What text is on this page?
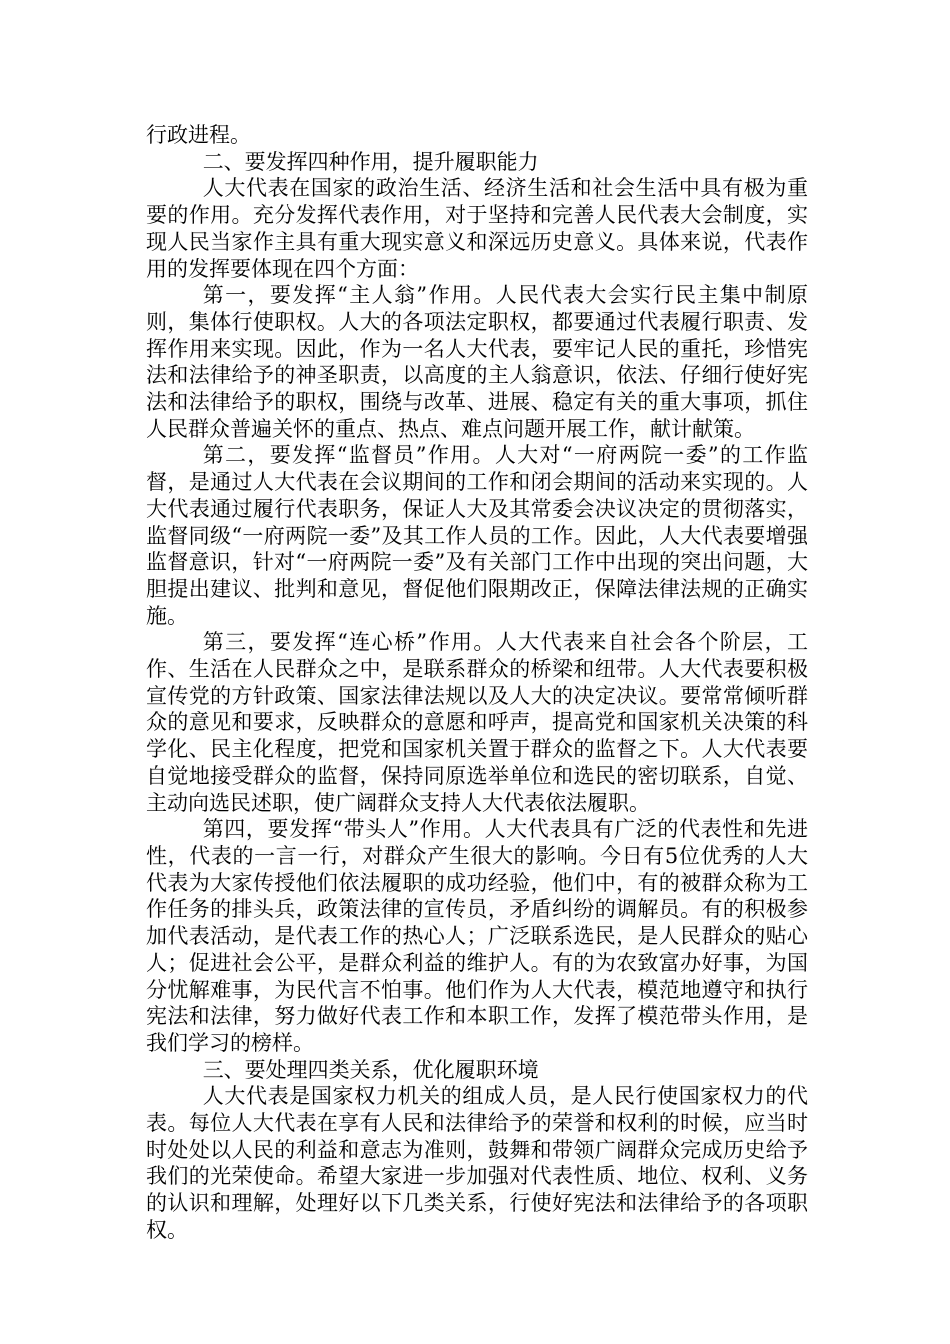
行政进程。

二、要发挥四种作用，提升履职能力

人大代表在国家的政治生活、经济生活和社会生活中具有极为重要的作用。充分发挥代表作用，对于坚持和完善人民代表大会制度，实现人民当家作主具有重大现实意义和深远历史意义。具体来说，代表作用的发挥要体现在四个方面：

第一，要发挥“主人翁”作用。人民代表大会实行民主集中制原则，集体行使职权。人大的各项法定职权，都要通过代表履行职责、发挥作用来实现。因此，作为一名人大代表，要牢记人民的重托，珍惜宪法和法律给予的神圣职责，以高度的主人翁意识，依法、仔细行使好宪法和法律给予的职权，围绕与改革、进展、稳定有关的重大事项，抓住人民群众普遍关怀的重点、热点、难点问题开展工作，献计献策。

第二，要发挥“监督员”作用。人大对“一府两院一委”的工作监督，是通过人大代表在会议期间的工作和闭会期间的活动来实现的。人大代表通过履行代表职务，保证人大及其常委会决议决定的贯彻落实，监督同级“一府两院一委”及其工作人员的工作。因此，人大代表要增强监督意识，针对“一府两院一委”及有关部门工作中出现的突出问题，大胆提出建议、批判和意见，督促他们限期改正，保障法律法规的正确实施。

第三，要发挥“连心桥”作用。人大代表来自社会各个阶层，工作、生活在人民群众之中，是联系群众的桥梁和纽带。人大代表要积极宣传党的方针政策、国家法律法规以及人大的决定决议。要常常倾听群众的意见和要求，反映群众的意愿和呼声，提高党和国家机关决策的科学化、民主化程度，把党和国家机关置于群众的监督之下。人大代表要自觉地接受群众的监督，保持同原选举单位和选民的密切联系，自觉、主动向选民述职，使广阔群众支持人大代表依法履职。

第四，要发挥“带头人”作用。人大代表具有广泛的代表性和先进性，代表的一言一行，对群众产生很大的影响。今日有5位优秀的人大代表为大家传授他们依法履职的成功经验，他们中，有的被群众称为工作任务的排头兵，政策法律的宣传员，矛盾纠纷的调解员。有的积极参加代表活动，是代表工作的热心人；广泛联系选民，是人民群众的贴心人；促进社会公平，是群众利益的维护人。有的为农致富办好事，为国分忧解难事，为民代言不怕事。他们作为人大代表，模范地遵守和执行宪法和法律，努力做好代表工作和本职工作，发挥了模范带头作用，是我们学习的榜样。

三、要处理四类关系，优化履职环境

人大代表是国家权力机关的组成人员，是人民行使国家权力的代表。每位人大代表在享有人民和法律给予的荣誉和权利的时候，应当时时处处以人民的利益和意志为准则，鼓舞和带领广阔群众完成历史给予我们的光荣使命。希望大家进一步加强对代表性质、地位、权利、义务的认识和理解，处理好以下几类关系，行使好宪法和法律给予的各项职权。
